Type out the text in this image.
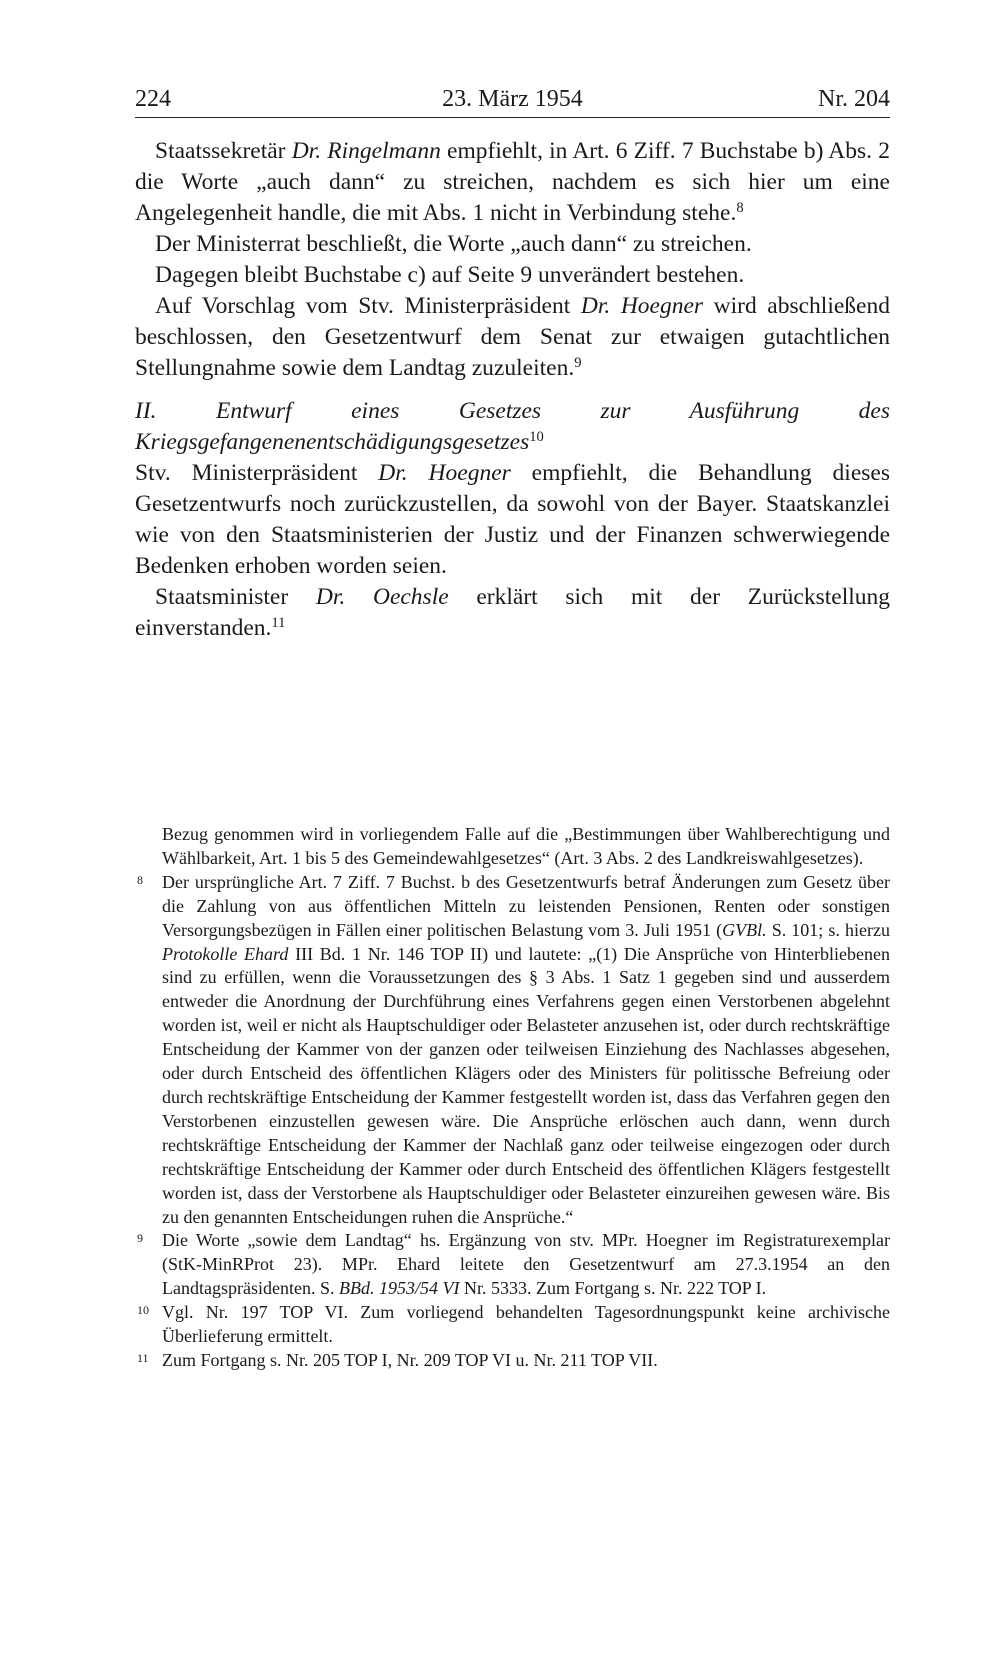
224	23. März 1954	Nr. 204

Staatssekretär Dr. Ringelmann empfiehlt, in Art. 6 Ziff. 7 Buchstabe b) Abs. 2 die Worte „auch dann“ zu streichen, nachdem es sich hier um eine Angelegenheit handle, die mit Abs. 1 nicht in Verbindung stehe.$^8$

Der Ministerrat beschließt, die Worte „auch dann“ zu streichen.

Dagegen bleibt Buchstabe c) auf Seite 9 unverändert bestehen.

Auf Vorschlag vom Stv. Ministerpräsident Dr. Hoegner wird abschließend beschlossen, den Gesetzentwurf dem Senat zur etwaigen gutachtlichen Stellungnahme sowie dem Landtag zuzuleiten.$^9$

II. Entwurf eines Gesetzes zur Ausführung des Kriegsgefangenenentschädigungsgesetzes$^{10}$

Stv. Ministerpräsident Dr. Hoegner empfiehlt, die Behandlung dieses Gesetzentwurfs noch zurückzustellen, da sowohl von der Bayer. Staatskanzlei wie von den Staatsministerien der Justiz und der Finanzen schwerwiegende Bedenken erhoben worden seien.

Staatsminister Dr. Oechsle erklärt sich mit der Zurückstellung einverstanden.$^{11}$

Bezug genommen wird in vorliegendem Falle auf die „Bestimmungen über Wahlberechtigung und Wählbarkeit, Art. 1 bis 5 des Gemeindewahlgesetzes“ (Art. 3 Abs. 2 des Landkreiswahlgesetzes).

8 Der ursprüngliche Art. 7 Ziff. 7 Buchst. b des Gesetzentwurfs betraf Änderungen zum Gesetz über die Zahlung von aus öffentlichen Mitteln zu leistenden Pensionen, Renten oder sonstigen Versorgungsbezügen in Fällen einer politischen Belastung vom 3. Juli 1951 (GVBl. S. 101; s. hierzu Protokolle Ehard III Bd. 1 Nr. 146 TOP II) und lautete: „(1) Die Ansprüche von Hinterbliebenen sind zu erfüllen, wenn die Voraussetzungen des § 3 Abs. 1 Satz 1 gegeben sind und ausserdem entweder die Anordnung der Durchführung eines Verfahrens gegen einen Verstorbenen abgelehnt worden ist, weil er nicht als Hauptschuldiger oder Belasteter anzusehen ist, oder durch rechtskräftige Entscheidung der Kammer von der ganzen oder teilweisen Einziehung des Nachlasses abgesehen, oder durch Entscheid des öffentlichen Klägers oder des Ministers für politissche Befreiung oder durch rechtskräftige Entscheidung der Kammer festgestellt worden ist, dass das Verfahren gegen den Verstorbenen einzustellen gewesen wäre. Die Ansprüche erlöschen auch dann, wenn durch rechtskräftige Entscheidung der Kammer der Nachlaß ganz oder teilweise eingezogen oder durch rechtskräftige Entscheidung der Kammer oder durch Entscheid des öffentlichen Klägers festgestellt worden ist, dass der Verstorbene als Hauptschuldiger oder Belasteter einzureihen gewesen wäre. Bis zu den genannten Entscheidungen ruhen die Ansprüche.“

9 Die Worte „sowie dem Landtag“ hs. Ergänzung von stv. MPr. Hoegner im Registraturexemplar (StK-MinRProt 23). MPr. Ehard leitete den Gesetzentwurf am 27.3.1954 an den Landtagspräsidenten. S. BBd. 1953/54 VI Nr. 5333. Zum Fortgang s. Nr. 222 TOP I.

10 Vgl. Nr. 197 TOP VI. Zum vorliegend behandelten Tagesordnungspunkt keine archivische Überlieferung ermittelt.

11 Zum Fortgang s. Nr. 205 TOP I, Nr. 209 TOP VI u. Nr. 211 TOP VII.
